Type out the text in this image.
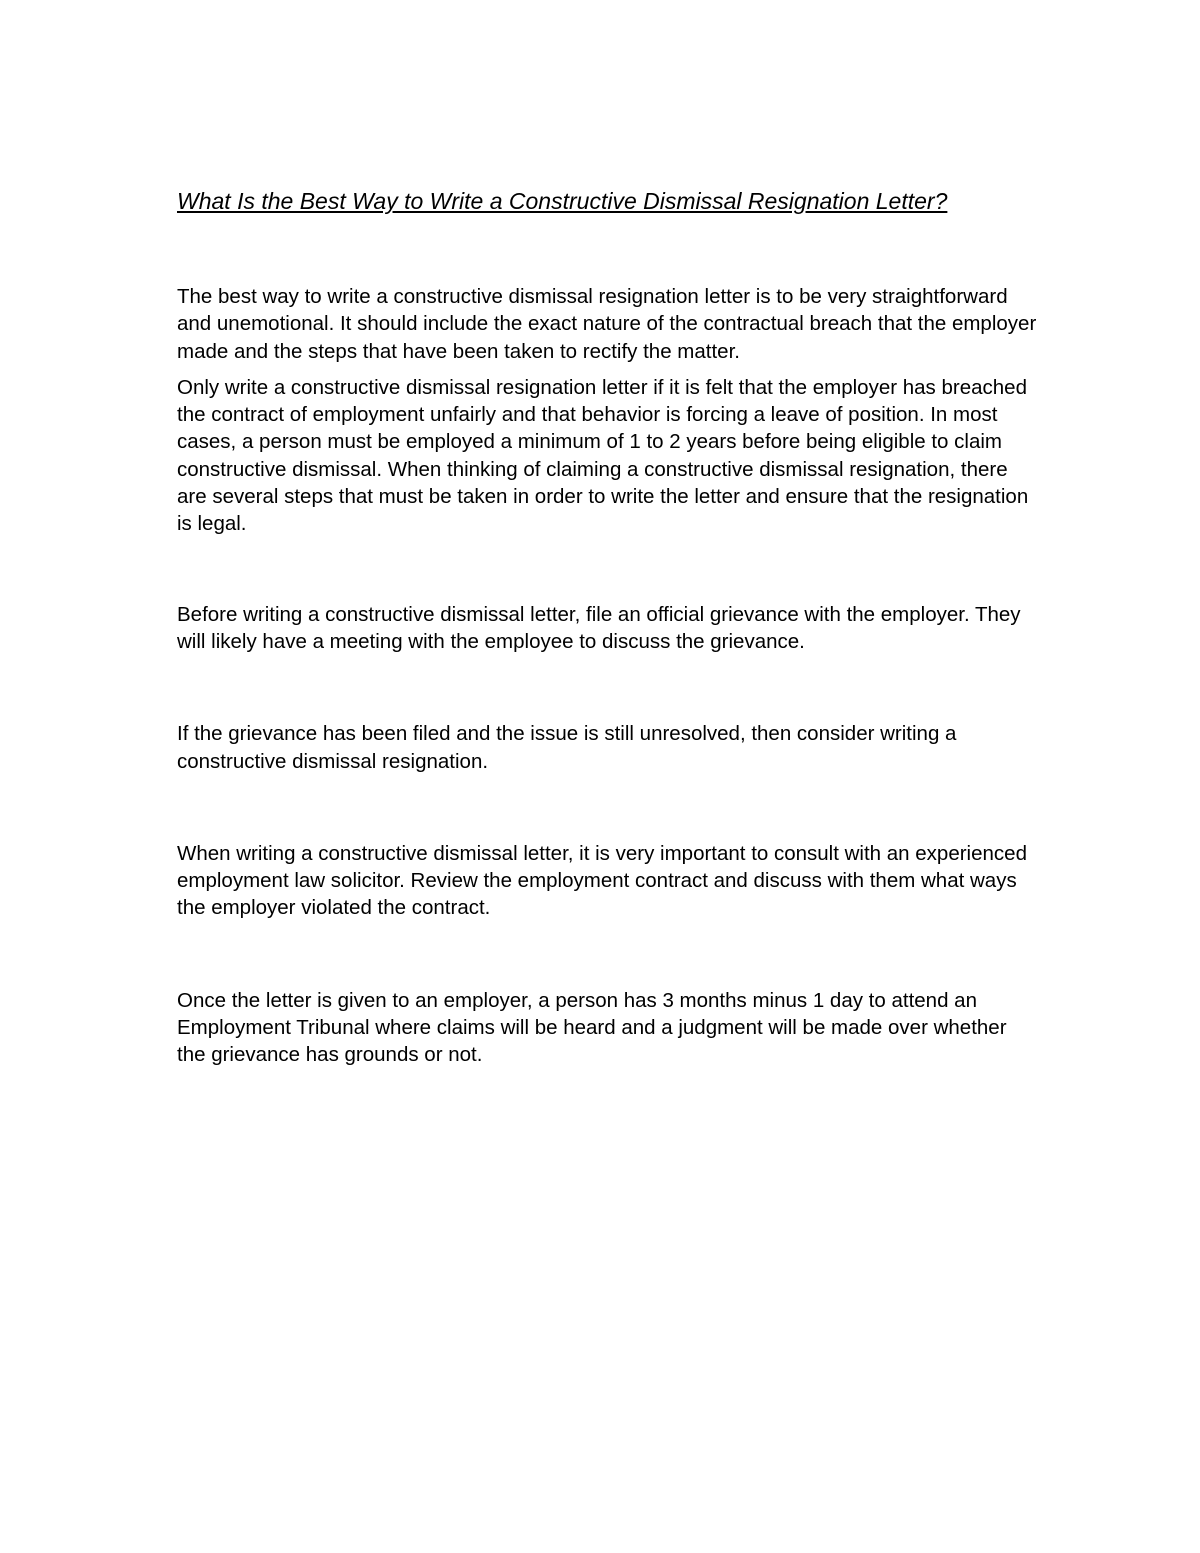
What Is the Best Way to Write a Constructive Dismissal Resignation Letter?

The best way to write a constructive dismissal resignation letter is to be very straightforward and unemotional. It should include the exact nature of the contractual breach that the employer made and the steps that have been taken to rectify the matter.

Only write a constructive dismissal resignation letter if it is felt that the employer has breached the contract of employment unfairly and that behavior is forcing a leave of position. In most cases, a person must be employed a minimum of 1 to 2 years before being eligible to claim constructive dismissal. When thinking of claiming a constructive dismissal resignation, there are several steps that must be taken in order to write the letter and ensure that the resignation is legal.

Before writing a constructive dismissal letter, file an official grievance with the employer. They will likely have a meeting with the employee to discuss the grievance.

If the grievance has been filed and the issue is still unresolved, then consider writing a constructive dismissal resignation.

When writing a constructive dismissal letter, it is very important to consult with an experienced employment law solicitor. Review the employment contract and discuss with them what ways the employer violated the contract.

Once the letter is given to an employer, a person has 3 months minus 1 day to attend an Employment Tribunal where claims will be heard and a judgment will be made over whether the grievance has grounds or not.
